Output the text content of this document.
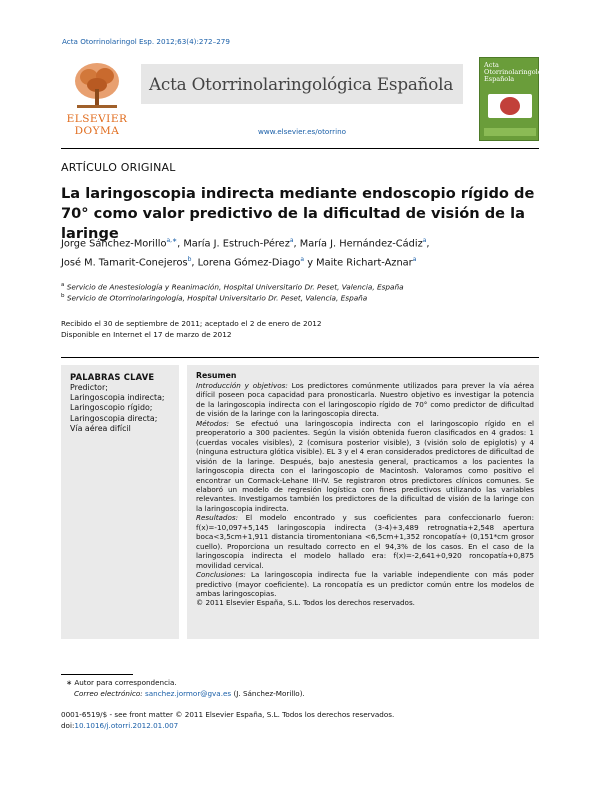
Acta Otorrinolaringol Esp. 2012;63(4):272–279
ELSEVIER
DOYMA
Acta Otorrinolaringológica Española
www.elsevier.es/otorrino
Acta Otorrinolaringológica Española
ARTÍCULO ORIGINAL
La laringoscopia indirecta mediante endoscopio rígido de 70° como valor predictivo de la dificultad de visión de la laringe
Jorge Sánchez-Morillo$^{a,∗}$, María J. Estruch-Pérez$^a$, María J. Hernández-Cádiz$^a$,
José M. Tamarit-Conejeros$^b$, Lorena Gómez-Diago$^a$ y Maite Richart-Aznar$^a$
$^a$ Servicio de Anestesiología y Reanimación, Hospital Universitario Dr. Peset, Valencia, España
$^b$ Servicio de Otorrinolaringología, Hospital Universitario Dr. Peset, Valencia, España
Recibido el 30 de septiembre de 2011; aceptado el 2 de enero de 2012
Disponible en Internet el 17 de marzo de 2012
PALABRAS CLAVE
Predictor;
Laringoscopia indirecta;
Laringoscopio rígido;
Laringoscopia directa;
Vía aérea difícil
Resumen
Introducción y objetivos: Los predictores comúnmente utilizados para prever la vía aérea difícil poseen poca capacidad para pronosticarla. Nuestro objetivo es investigar la potencia de la laringoscopia indirecta con el laringoscopio rígido de 70° como predictor de dificultad de visión de la laringe con la laringoscopia directa.
Métodos: Se efectuó una laringoscopia indirecta con el laringoscopio rígido en el preoperatorio a 300 pacientes. Según la visión obtenida fueron clasificados en 4 grados: 1 (cuerdas vocales visibles), 2 (comisura posterior visible), 3 (visión solo de epiglotis) y 4 (ninguna estructura glótica visible). EL 3 y el 4 eran considerados predictores de dificultad de visión de la laringe. Después, bajo anestesia general, practicamos a los pacientes la laringoscopia directa con el laringoscopio de Macintosh. Valoramos como positivo el encontrar un Cormack-Lehane III-IV. Se registraron otros predictores clínicos comunes. Se elaboró un modelo de regresión logística con fines predictivos utilizando las variables relevantes. Investigamos también los predictores de la dificultad de visión de la laringe con la laringoscopia indirecta.
Resultados: El modelo encontrado y sus coeficientes para confeccionarlo fueron: f(x)=-10,097+5,145 laringoscopia indirecta (3-4)+3,489 retrognatia+2,548 apertura boca<3,5cm+1,911 distancia tiromentoniana <6,5cm+1,352 roncopatía+ (0,151*cm grosor cuello). Proporciona un resultado correcto en el 94,3% de los casos. En el caso de la laringoscopia indirecta el modelo hallado era: f(x)=-2,641+0,920 roncopatía+0,875 movilidad cervical.
Conclusiones: La laringoscopia indirecta fue la variable independiente con más poder predictivo (mayor coeficiente). La roncopatía es un predictor común entre los modelos de ambas laringoscopias.
© 2011 Elsevier España, S.L. Todos los derechos reservados.
∗ Autor para correspondencia.
Correo electrónico: sanchez.jormor@gva.es (J. Sánchez-Morillo).
0001-6519/$ - see front matter © 2011 Elsevier España, S.L. Todos los derechos reservados.
doi:10.1016/j.otorri.2012.01.007
